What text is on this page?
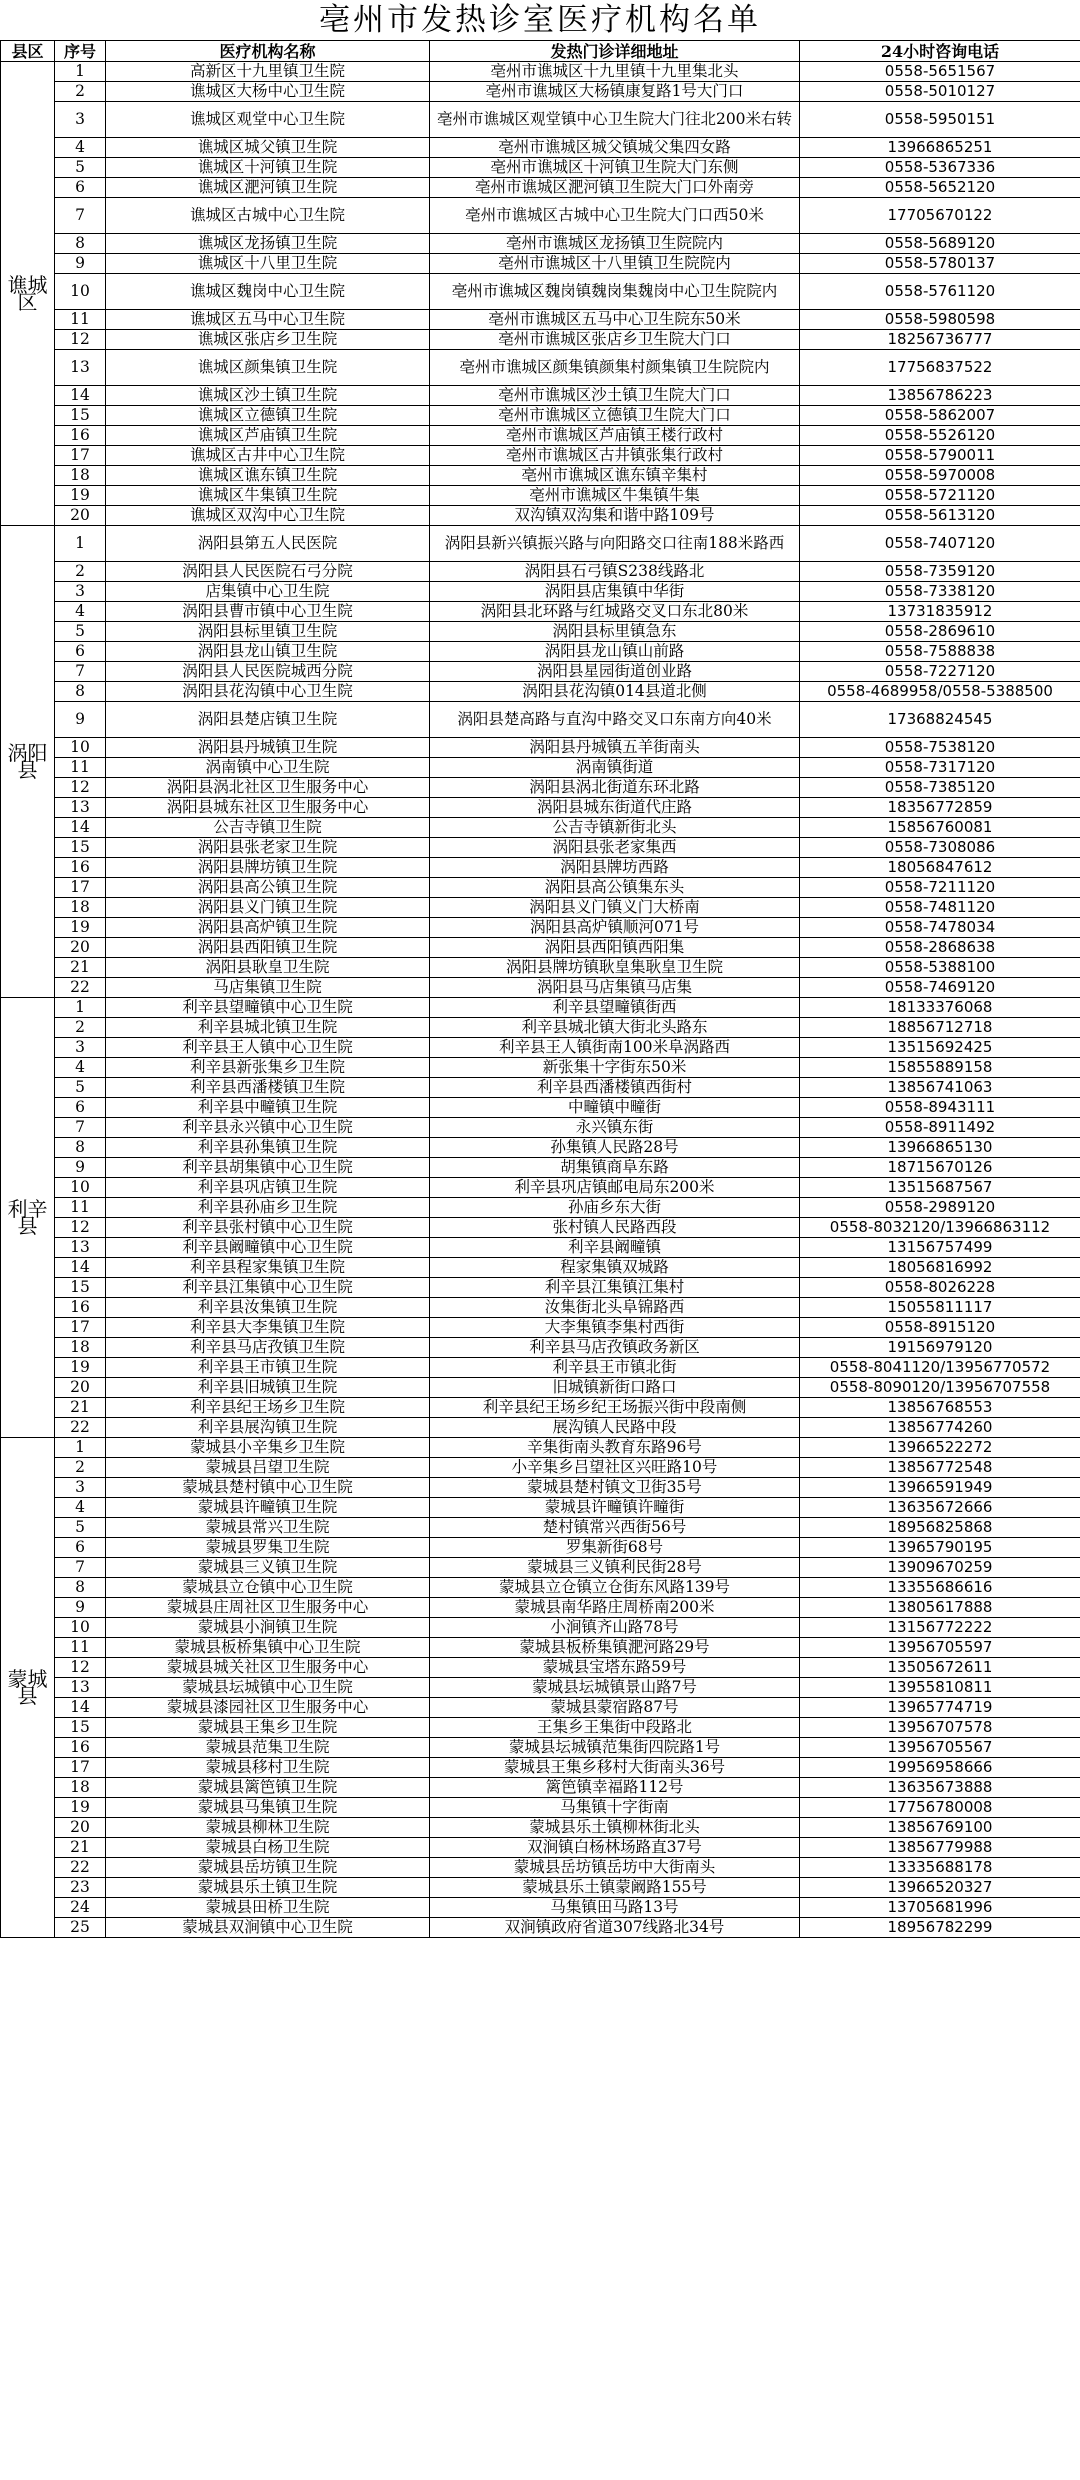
亳州市发热诊室医疗机构名单
县区	序号	医疗机构名称	发热门诊详细地址	24小时咨询电话
谯城区	1	高新区十九里镇卫生院	亳州市谯城区十九里镇十九里集北头	0558-5651567
	2	谯城区大杨中心卫生院	亳州市谯城区大杨镇康复路1号大门口	0558-5010127
	3	谯城区观堂中心卫生院	亳州市谯城区观堂镇中心卫生院大门往北200米右转	0558-5950151
	4	谯城区城父镇卫生院	亳州市谯城区城父镇城父集四女路	13966865251
	5	谯城区十河镇卫生院	亳州市谯城区十河镇卫生院大门东侧	0558-5367336
	6	谯城区淝河镇卫生院	亳州市谯城区淝河镇卫生院大门口外南旁	0558-5652120
	7	谯城区古城中心卫生院	亳州市谯城区古城中心卫生院大门口西50米	17705670122
	8	谯城区龙扬镇卫生院	亳州市谯城区龙扬镇卫生院院内	0558-5689120
	9	谯城区十八里卫生院	亳州市谯城区十八里镇卫生院院内	0558-5780137
	10	谯城区魏岗中心卫生院	亳州市谯城区魏岗镇魏岗集魏岗中心卫生院院内	0558-5761120
	11	谯城区五马中心卫生院	亳州市谯城区五马中心卫生院东50米	0558-5980598
	12	谯城区张店乡卫生院	亳州市谯城区张店乡卫生院大门口	18256736777
	13	谯城区颜集镇卫生院	亳州市谯城区颜集镇颜集村颜集镇卫生院院内	17756837522
	14	谯城区沙土镇卫生院	亳州市谯城区沙土镇卫生院大门口	13856786223
	15	谯城区立德镇卫生院	亳州市谯城区立德镇卫生院大门口	0558-5862007
	16	谯城区芦庙镇卫生院	亳州市谯城区芦庙镇王楼行政村	0558-5526120
	17	谯城区古井中心卫生院	亳州市谯城区古井镇张集行政村	0558-5790011
	18	谯城区谯东镇卫生院	亳州市谯城区谯东镇辛集村	0558-5970008
	19	谯城区牛集镇卫生院	亳州市谯城区牛集镇牛集	0558-5721120
	20	谯城区双沟中心卫生院	双沟镇双沟集和谐中路109号	0558-5613120
涡阳县	1	涡阳县第五人民医院	涡阳县新兴镇振兴路与向阳路交口往南188米路西	0558-7407120
	2	涡阳县人民医院石弓分院	涡阳县石弓镇S238线路北	0558-7359120
	3	店集镇中心卫生院	涡阳县店集镇中华街	0558-7338120
	4	涡阳县曹市镇中心卫生院	涡阳县北环路与红城路交叉口东北80米	13731835912
	5	涡阳县标里镇卫生院	涡阳县标里镇急东	0558-2869610
	6	涡阳县龙山镇卫生院	涡阳县龙山镇山前路	0558-7588838
	7	涡阳县人民医院城西分院	涡阳县星园街道创业路	0558-7227120
	8	涡阳县花沟镇中心卫生院	涡阳县花沟镇014县道北侧	0558-4689958/0558-5388500
	9	涡阳县楚店镇卫生院	涡阳县楚高路与直沟中路交叉口东南方向40米	17368824545
	10	涡阳县丹城镇卫生院	涡阳县丹城镇五羊街南头	0558-7538120
	11	涡南镇中心卫生院	涡南镇街道	0558-7317120
	12	涡阳县涡北社区卫生服务中心	涡阳县涡北街道东环北路	0558-7385120
	13	涡阳县城东社区卫生服务中心	涡阳县城东街道代庄路	18356772859
	14	公吉寺镇卫生院	公吉寺镇新街北头	15856760081
	15	涡阳县张老家卫生院	涡阳县张老家集西	0558-7308086
	16	涡阳县牌坊镇卫生院	涡阳县牌坊西路	18056847612
	17	涡阳县高公镇卫生院	涡阳县高公镇集东头	0558-7211120
	18	涡阳县义门镇卫生院	涡阳县义门镇义门大桥南	0558-7481120
	19	涡阳县高炉镇卫生院	涡阳县高炉镇顺河071号	0558-7478034
	20	涡阳县西阳镇卫生院	涡阳县西阳镇西阳集	0558-2868638
	21	涡阳县耿皇卫生院	涡阳县牌坊镇耿皇集耿皇卫生院	0558-5388100
	22	马店集镇卫生院	涡阳县马店集镇马店集	0558-7469120
利辛县	1	利辛县望疃镇中心卫生院	利辛县望疃镇街西	18133376068
	2	利辛县城北镇卫生院	利辛县城北镇大街北头路东	18856712718
	3	利辛县王人镇中心卫生院	利辛县王人镇街南100米阜涡路西	13515692425
	4	利辛县新张集乡卫生院	新张集十字街东50米	15855889158
	5	利辛县西潘楼镇卫生院	利辛县西潘楼镇西街村	13856741063
	6	利辛县中疃镇卫生院	中疃镇中疃街	0558-8943111
	7	利辛县永兴镇中心卫生院	永兴镇东街	0558-8911492
	8	利辛县孙集镇卫生院	孙集镇人民路28号	13966865130
	9	利辛县胡集镇中心卫生院	胡集镇商阜东路	18715670126
	10	利辛县巩店镇卫生院	利辛县巩店镇邮电局东200米	13515687567
	11	利辛县孙庙乡卫生院	孙庙乡东大街	0558-2989120
	12	利辛县张村镇中心卫生院	张村镇人民路西段	0558-8032120/13966863112
	13	利辛县阚疃镇中心卫生院	利辛县阚疃镇	13156757499
	14	利辛县程家集镇卫生院	程家集镇双城路	18056816992
	15	利辛县江集镇中心卫生院	利辛县江集镇江集村	0558-8026228
	16	利辛县汝集镇卫生院	汝集街北头阜锦路西	15055811117
	17	利辛县大李集镇卫生院	大李集镇李集村西街	0558-8915120
	18	利辛县马店孜镇卫生院	利辛县马店孜镇政务新区	19156979120
	19	利辛县王市镇卫生院	利辛县王市镇北街	0558-8041120/13956770572
	20	利辛县旧城镇卫生院	旧城镇新街口路口	0558-8090120/13956707558
	21	利辛县纪王场乡卫生院	利辛县纪王场乡纪王场振兴街中段南侧	13856768553
	22	利辛县展沟镇卫生院	展沟镇人民路中段	13856774260
蒙城县	1	蒙城县小辛集乡卫生院	辛集街南头教育东路96号	13966522272
	2	蒙城县吕望卫生院	小辛集乡吕望社区兴旺路10号	13856772548
	3	蒙城县楚村镇中心卫生院	蒙城县楚村镇文卫街35号	13966591949
	4	蒙城县许疃镇卫生院	蒙城县许疃镇许疃街	13635672666
	5	蒙城县常兴卫生院	楚村镇常兴西街56号	18956825868
	6	蒙城县罗集卫生院	罗集新街68号	13965790195
	7	蒙城县三义镇卫生院	蒙城县三义镇利民街28号	13909670259
	8	蒙城县立仓镇中心卫生院	蒙城县立仓镇立仓街东风路139号	13355686616
	9	蒙城县庄周社区卫生服务中心	蒙城县南华路庄周桥南200米	13805617888
	10	蒙城县小涧镇卫生院	小涧镇齐山路78号	13156772222
	11	蒙城县板桥集镇中心卫生院	蒙城县板桥集镇淝河路29号	13956705597
	12	蒙城县城关社区卫生服务中心	蒙城县宝塔东路59号	13505672611
	13	蒙城县坛城镇中心卫生院	蒙城县坛城镇景山路7号	13955810811
	14	蒙城县漆园社区卫生服务中心	蒙城县蒙宿路87号	13965774719
	15	蒙城县王集乡卫生院	王集乡王集街中段路北	13956707578
	16	蒙城县范集卫生院	蒙城县坛城镇范集街四院路1号	13956705567
	17	蒙城县移村卫生院	蒙城县王集乡移村大街南头36号	19956958666
	18	蒙城县篱笆镇卫生院	篱笆镇幸福路112号	13635673888
	19	蒙城县马集镇卫生院	马集镇十字街南	17756780008
	20	蒙城县柳林卫生院	蒙城县乐土镇柳林街北头	13856769100
	21	蒙城县白杨卫生院	双涧镇白杨林场路直37号	13856779988
	22	蒙城县岳坊镇卫生院	蒙城县岳坊镇岳坊中大街南头	13335688178
	23	蒙城县乐土镇卫生院	蒙城县乐土镇蒙阚路155号	13966520327
	24	蒙城县田桥卫生院	马集镇田马路13号	13705681996
	25	蒙城县双涧镇中心卫生院	双涧镇政府省道307线路北34号	18956782299
